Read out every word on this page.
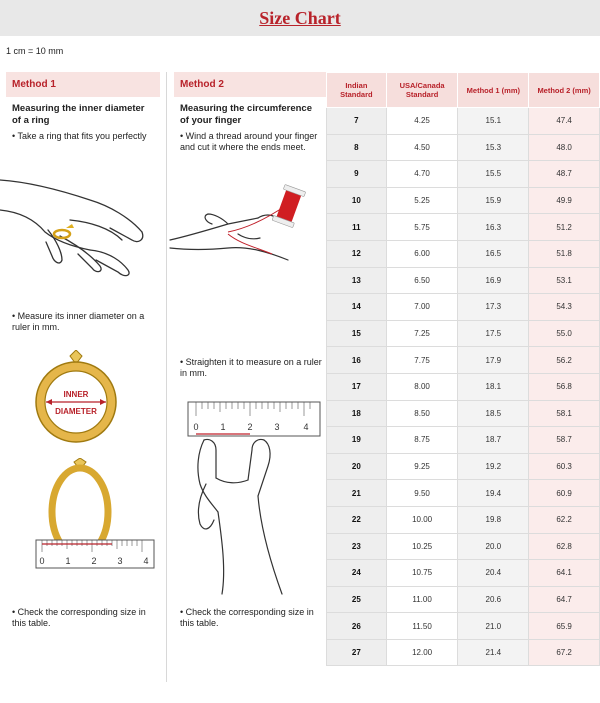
Size Chart
1 cm = 10 mm
Method 1
Measuring the inner diameter of a ring
• Take a ring that fits you perfectly
• Measure its inner diameter on a ruler in mm.
INNER
DIAMETER
0 1 2 3 4
• Check the corresponding size in this table.
Method 2
Measuring the circumference of your finger
• Wind a thread around your finger and cut it where the ends meet.
• Straighten it to measure on a ruler in mm.
0 1 2 3	4
• Check the corresponding size in this table.
Indian Standard	USA/Canada Standard	Method 1 (mm)	Method 2 (mm)
7	4.25	15.1	47.4
8	4.50	15.3	48.0
9	4.70	15.5	48.7
10	5.25	15.9	49.9
11	5.75	16.3	51.2
12	6.00	16.5	51.8
13	6.50	16.9	53.1
14	7.00	17.3	54.3
15	7.25	17.5	55.0
16	7.75	17.9	56.2
17	8.00	18.1	56.8
18	8.50	18.5	58.1
19	8.75	18.7	58.7
20	9.25	19.2	60.3
21	9.50	19.4	60.9
22	10.00	19.8	62.2
23	10.25	20.0	62.8
24	10.75	20.4	64.1
25	11.00	20.6	64.7
26	11.50	21.0	65.9
27	12.00	21.4	67.2
